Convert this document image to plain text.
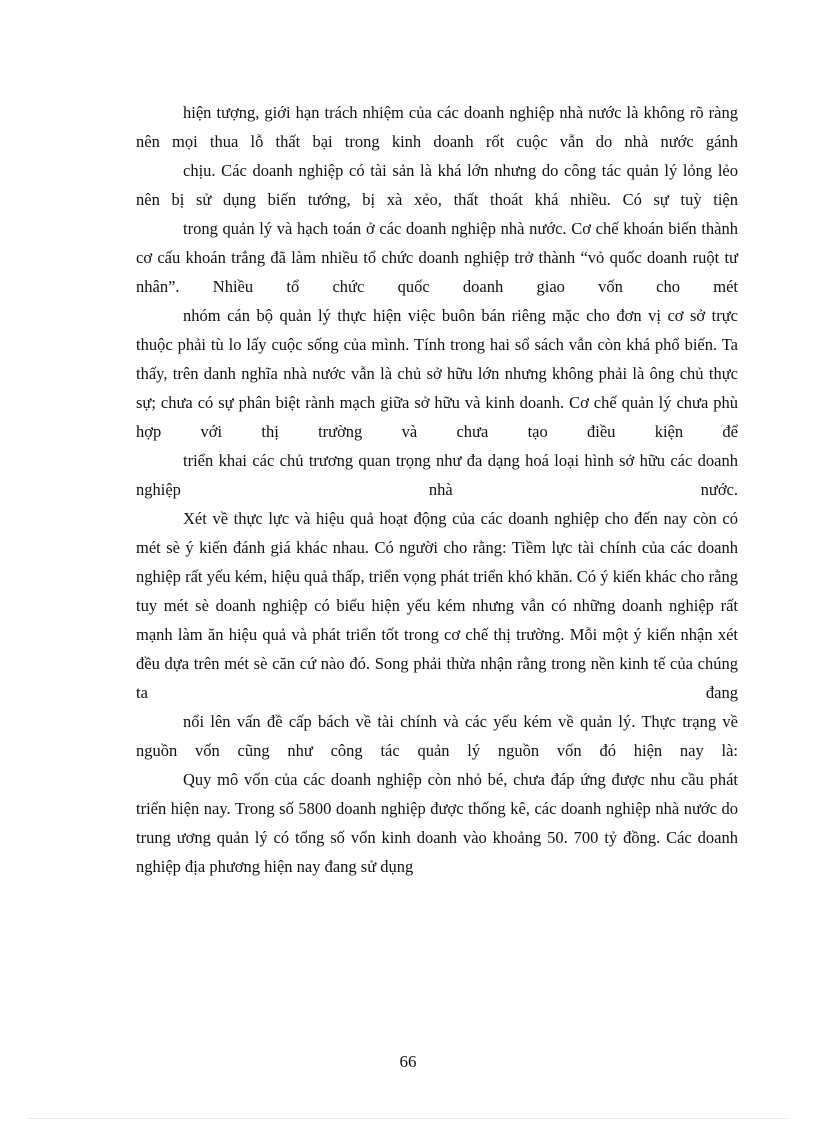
hiện tượng, giới hạn trách nhiệm của các doanh nghiệp nhà nước là không rõ ràng nên mọi thua lỗ thất bại trong kinh doanh rốt cuộc vẫn do nhà nước gánh

chịu. Các doanh nghiệp có tài sản là khá lớn nhưng do công tác quản lý lỏng lẻo nên bị sử dụng biến tướng, bị xà xẻo, thất thoát khá nhiều. Có sự tuỳ tiện

trong quản lý và hạch toán ở các doanh nghiệp nhà nước. Cơ chế khoán biến thành cơ cấu khoán trắng đã làm nhiều tổ chức doanh nghiệp trở thành “vỏ quốc doanh ruột tư nhân”. Nhiều tổ chức quốc doanh giao vốn cho mét

nhóm cán bộ quản lý thực hiện việc buôn bán riêng mặc cho đơn vị cơ sở trực thuộc phải tù lo lấy cuộc sống của mình. Tính trong hai sổ sách vẫn còn khá phổ biến. Ta thấy, trên danh nghĩa nhà nước vẫn là chủ sở hữu lớn nhưng không phải là ông chủ thực sự; chưa có sự phân biệt rành mạch giữa sở hữu và kinh doanh. Cơ chế quản lý chưa phù hợp với thị trường và chưa tạo điều kiện để

triển khai các chủ trương quan trọng như đa dạng hoá loại hình sở hữu các doanh nghiệp nhà nước.

Xét về thực lực và hiệu quả hoạt động của các doanh nghiệp cho đến nay còn có mét sè ý kiến đánh giá khác nhau. Có người cho rằng: Tiềm lực tài chính của các doanh nghiệp rất yếu kém, hiệu quả thấp, triển vọng phát triển khó khăn. Có ý kiến khác cho rằng tuy mét sè doanh nghiệp có biểu hiện yếu kém nhưng vẫn có những doanh nghiệp rất mạnh làm ăn hiệu quả và phát triển tốt trong cơ chế thị trường. Mỗi một ý kiến nhận xét đều dựa trên mét sè căn cứ nào đó. Song phải thừa nhận rằng trong nền kinh tế của chúng ta đang

nổi lên vấn đề cấp bách về tài chính và các yếu kém về quản lý. Thực trạng về nguồn vốn cũng như công tác quản lý nguồn vốn đó hiện nay là:

Quy mô vốn của các doanh nghiệp còn nhỏ bé, chưa đáp ứng được nhu cầu phát triển hiện nay. Trong số 5800 doanh nghiệp được thống kê, các doanh nghiệp nhà nước do trung ương quản lý có tổng số vốn kinh doanh vào khoảng 50. 700 tỷ đồng. Các doanh nghiệp địa phương hiện nay đang sử dụng

66
